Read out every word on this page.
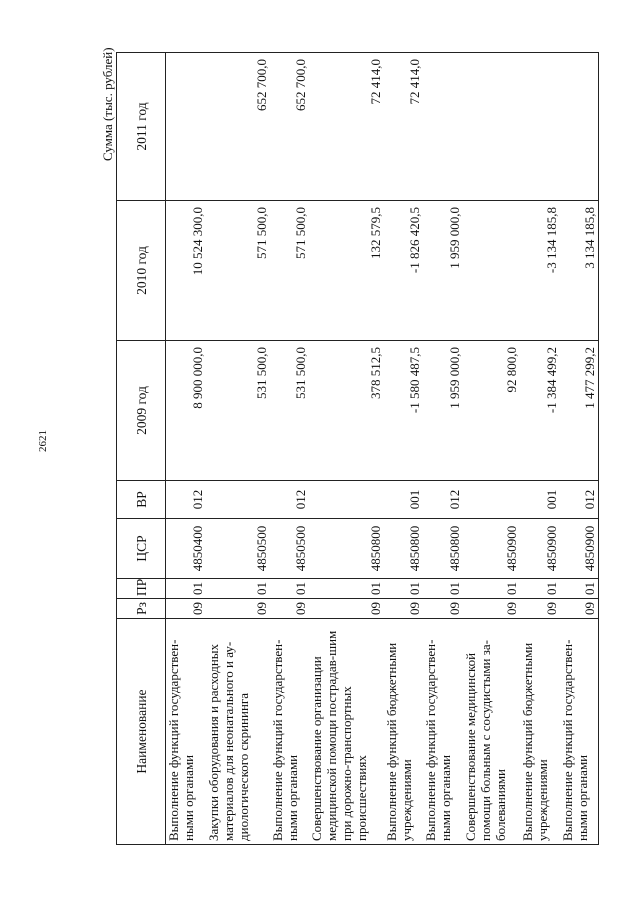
2621
Сумма (тыс. рублей)
Наименование	Рз	ПР	ЦСР	ВР	2009 год	2010 год	2011 год
Выполнение функций государствен-ными органами	09	01	4850400	012	8 900 000,0	10 524 300,0	
Закупки оборудования и расходных материалов для неонатального и ау-диологического скрининга	09	01	4850500		531 500,0	571 500,0	652 700,0
Выполнение функций государствен-ными органами	09	01	4850500	012	531 500,0	571 500,0	652 700,0
Совершенствование организации медицинской помощи пострадав-шим при дорожно-транспортных происшествиях	09	01	4850800		378 512,5	132 579,5	72 414,0
Выполнение функций бюджетными учреждениями	09	01	4850800	001	-1 580 487,5	-1 826 420,5	72 414,0
Выполнение функций государствен-ными органами	09	01	4850800	012	1 959 000,0	1 959 000,0	
Совершенствование медицинской помощи больным с сосудистыми за-болеваниями	09	01	4850900		92 800,0		
Выполнение функций бюджетными учреждениями	09	01	4850900	001	-1 384 499,2	-3 134 185,8	
Выполнение функций государствен-ными органами	09	01	4850900	012	1 477 299,2	3 134 185,8	
